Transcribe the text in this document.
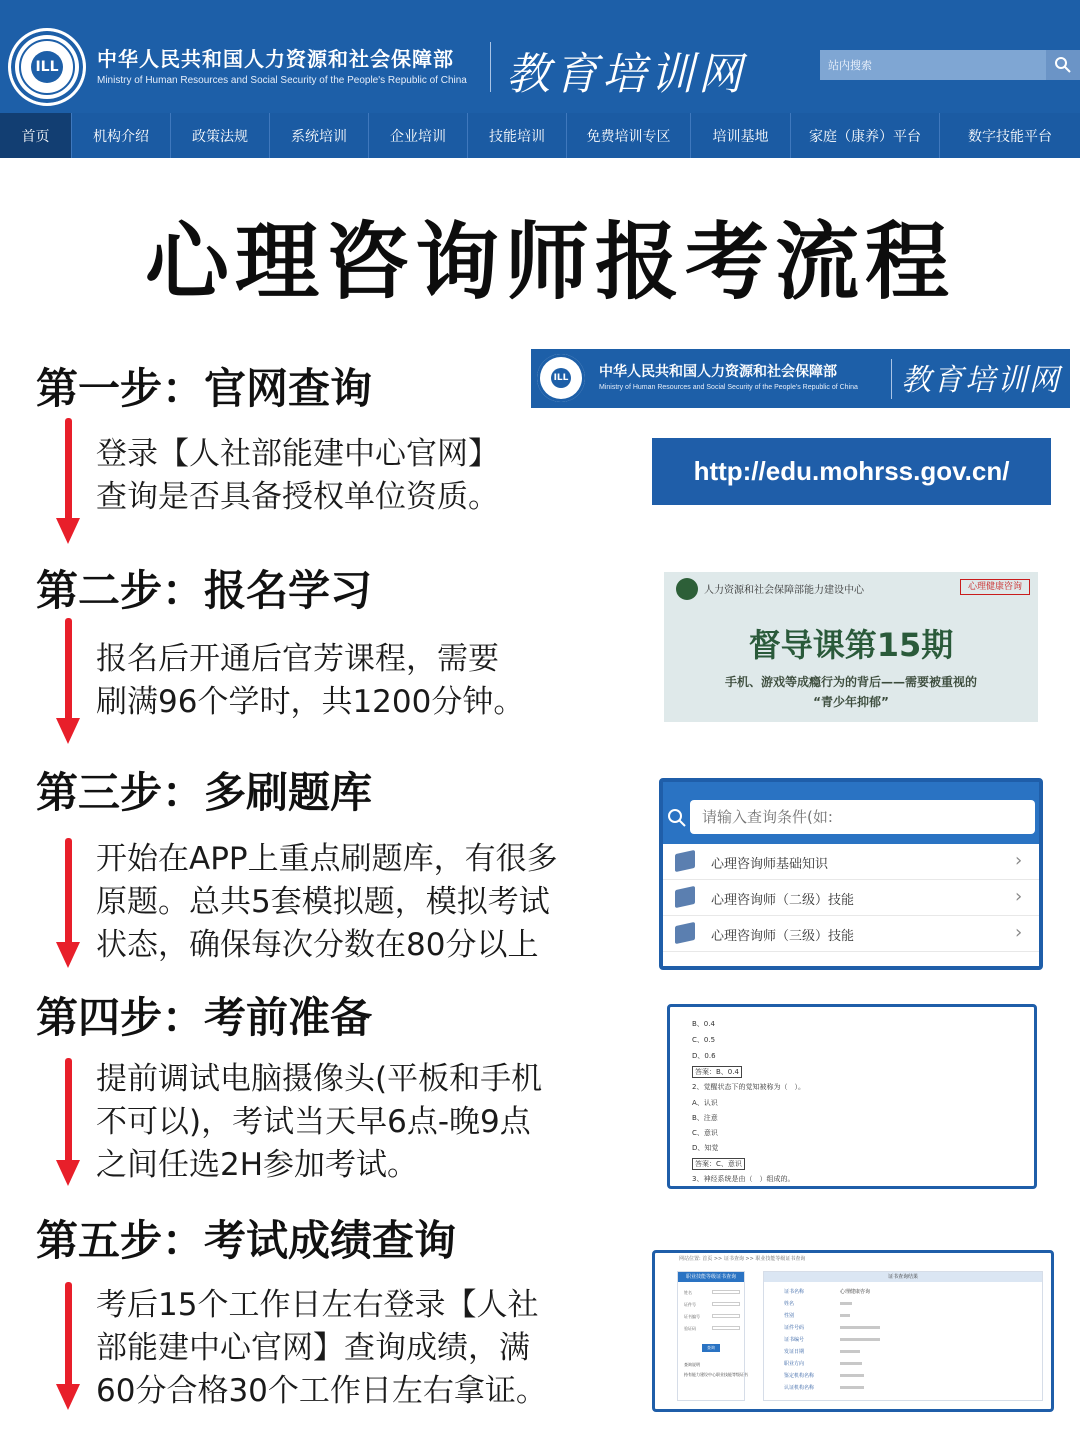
ILL 中华人民共和国人力资源和社会保障部
Ministry of Human Resources and Social Security of the People's Republic of China 教育培训网
站内搜索
首页	机构介绍	政策法规	系统培训	企业培训	技能培训	免费培训专区	培训基地	家庭（康养）平台	数字技能平台
心理咨询师报考流程
第一步：官网查询
登录【人社部能建中心官网】
查询是否具备授权单位资质。
第二步：报名学习
报名后开通后官芳课程，需要
刷满96个学时，共1200分钟。
第三步：多刷题库
开始在APP上重点刷题库，有很多
原题。总共5套模拟题，模拟考试
状态，确保每次分数在80分以上
第四步：考前准备
提前调试电脑摄像头(平板和手机
不可以)，考试当天早6点-晚9点
之间任选2H参加考试。
第五步：考试成绩查询
考后15个工作日左右登录【人社
部能建中心官网】查询成绩，满
60分合格30个工作日左右拿证。
ILL 中华人民共和国人力资源和社会保障部
Ministry of Human Resources and Social Security of the People's Republic of China 教育培训网
http://edu.mohrss.gov.cn/
人力资源和社会保障部能力建设中心	心理健康咨询
督导课第15期
手机、游戏等成瘾行为的背后——需要被重视的
“青少年抑郁”
请输入查询条件(如:
心理咨询师基础知识	›
心理咨询师（二级）技能	›
心理咨询师（三级）技能	›
B、0.4
C、0.5
D、0.6
答案：B、0.4
2、觉醒状态下的觉知被称为（　）。
A、认识
B、注意
C、意识
D、知觉
答案：C、意识
3、神经系统是由（　）组成的。
网站位置: 首页 >> 证书查询 >> 职业技能等级证书查询
职业技能等级证书查询
姓名
证件号
证书编号
验证码
查询
查询说明
持有能力建设中心职业技能等级证书
证书查询结果
证书名称	心理健康咨询
姓名
性别
证件号码
证书编号
发证日期
职业方向
鉴定机构名称
认证机构名称
